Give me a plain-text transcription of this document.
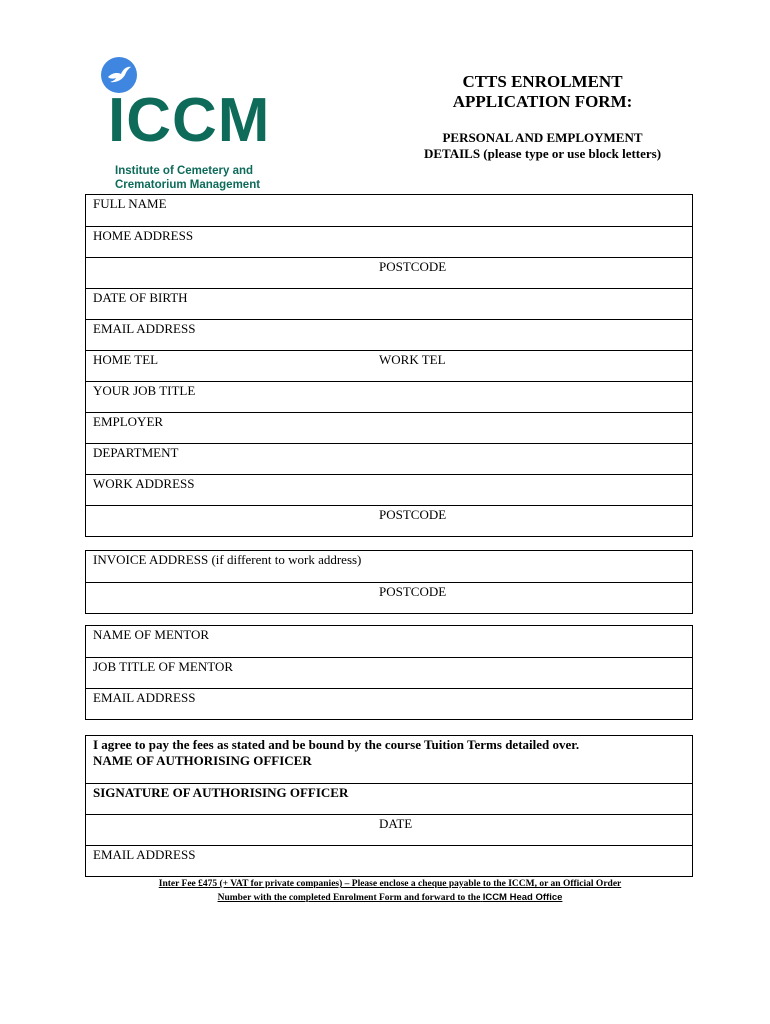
ICCM
Institute of Cemetery and
Crematorium Management
CTTS ENROLMENT
APPLICATION FORM:
PERSONAL AND EMPLOYMENT
DETAILS (please type or use block letters)
FULL NAME
HOME ADDRESS
POSTCODE
DATE OF BIRTH
EMAIL ADDRESS
HOME TEL	WORK TEL
YOUR JOB TITLE
EMPLOYER
DEPARTMENT
WORK ADDRESS
POSTCODE
INVOICE ADDRESS (if different to work address)
POSTCODE
NAME OF MENTOR
JOB TITLE OF MENTOR
EMAIL ADDRESS
I agree to pay the fees as stated and be bound by the course Tuition Terms detailed over.
NAME OF AUTHORISING OFFICER
SIGNATURE OF AUTHORISING OFFICER
DATE
EMAIL ADDRESS
Inter Fee £475 (+ VAT for private companies) – Please enclose a cheque payable to the ICCM, or an Official Order
Number with the completed Enrolment Form and forward to the ICCM Head Office
